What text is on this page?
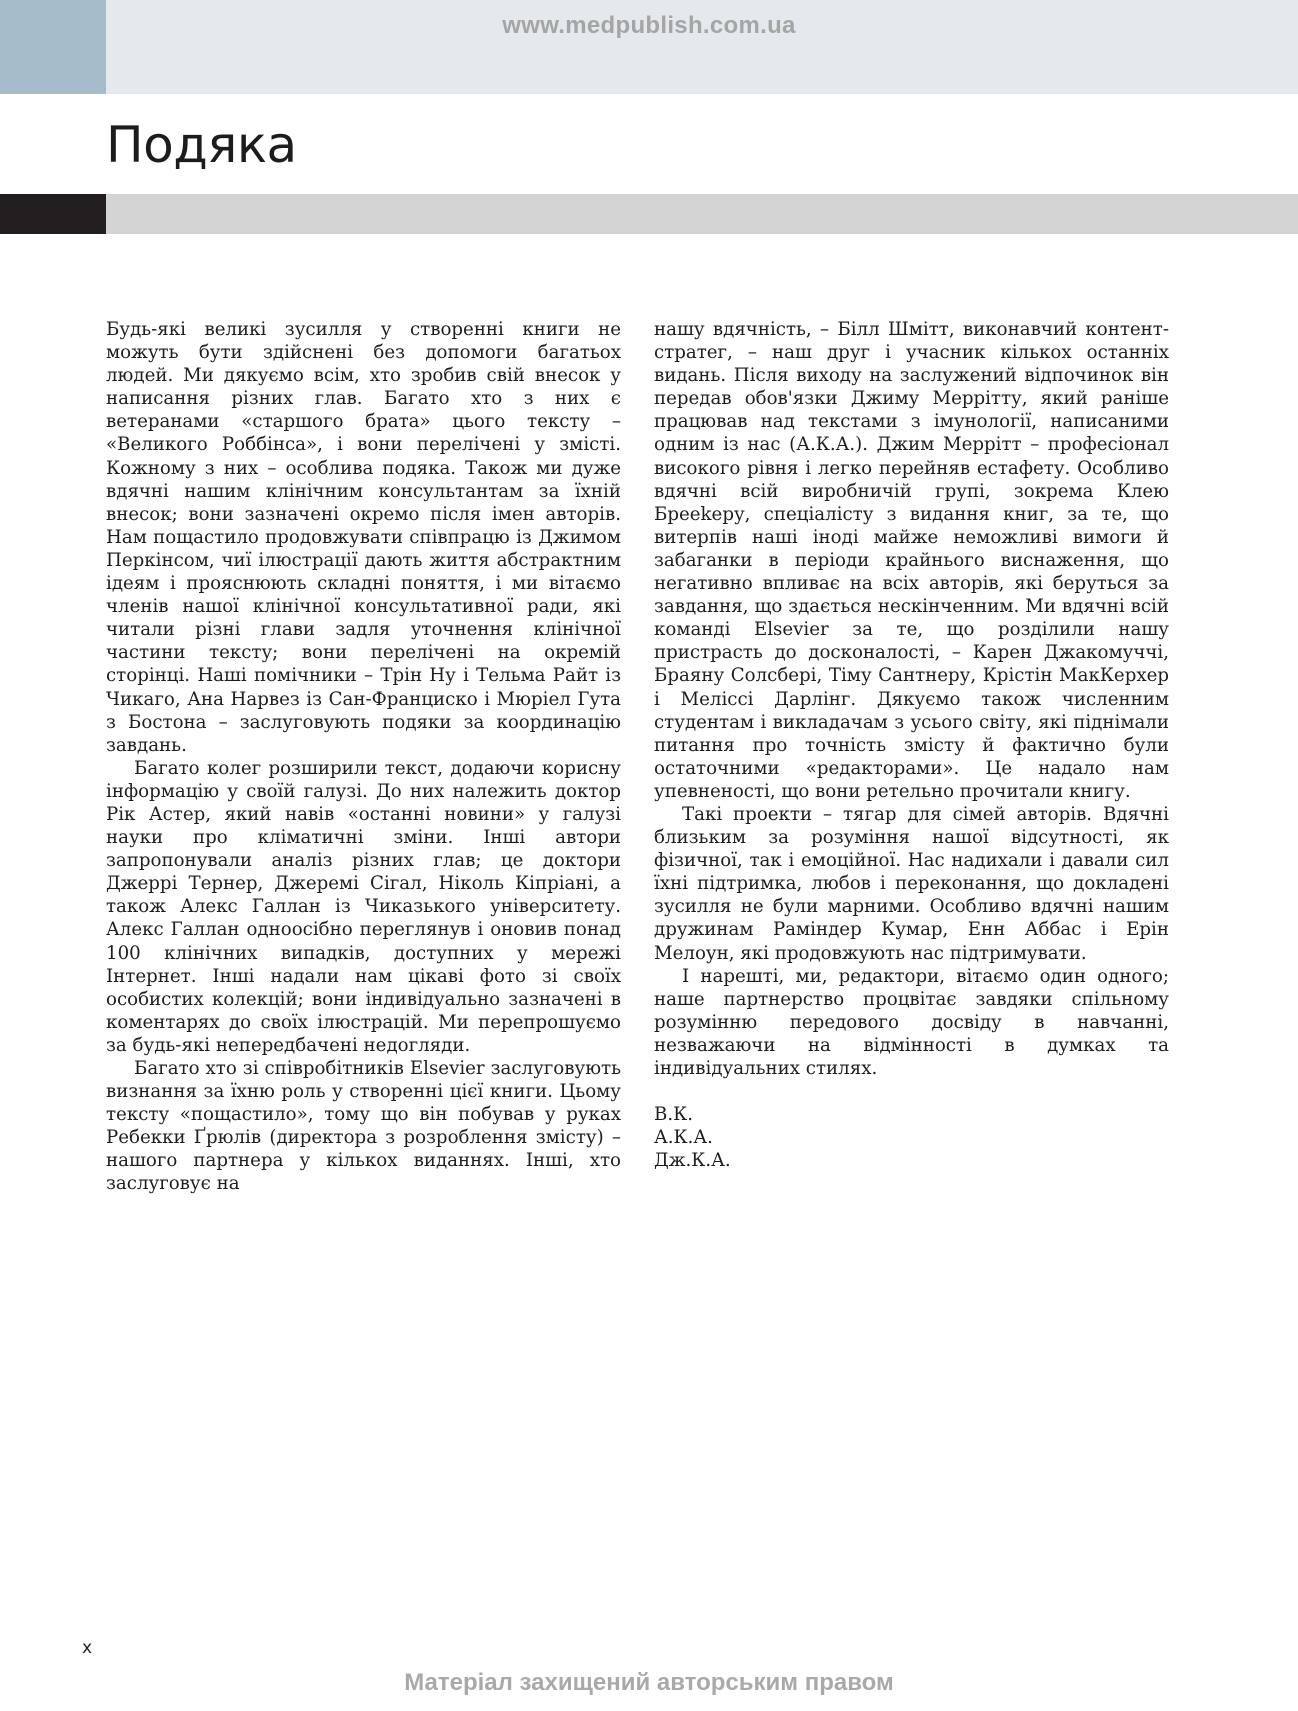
www.medpublish.com.ua
Подяка

Будь-які великі зусилля у створенні книги не можуть бути здійснені без допомоги багатьох людей. Ми дякуємо всім, хто зробив свій внесок у написання різних глав. Багато хто з них є ветеранами «старшого брата» цього тексту – «Великого Роббінса», і вони перелічені у змісті. Кожному з них – особлива подяка. Також ми дуже вдячні нашим клінічним консультантам за їхній внесок; вони зазначені окремо після імен авторів. Нам пощастило продовжувати співпрацю із Джимом Перкінсом, чиї ілюстрації дають життя абстрактним ідеям і прояснюють складні поняття, і ми вітаємо членів нашої клінічної консультативної ради, які читали різні глави задля уточнення клінічної частини тексту; вони перелічені на окремій сторінці. Наші помічники – Трін Ну і Тельма Райт із Чикаго, Ана Нарвез із Сан-Франциско і Мюріел Гута з Бостона – заслуговують подяки за координацію завдань.

Багато колег розширили текст, додаючи корисну інформацію у своїй галузі. До них належить доктор Рік Астер, який навів «останні новини» у галузі науки про кліматичні зміни. Інші автори запропонували аналіз різних глав; це доктори Джеррі Тернер, Джеремі Сігал, Ніколь Кіпріані, а також Алекс Галлан із Чиказького університету. Алекс Галлан одноосібно переглянув і оновив понад 100 клінічних випадків, доступних у мережі Інтернет. Інші надали нам цікаві фото зі своїх особистих колекцій; вони індивідуально зазначені в коментарях до своїх ілюстрацій. Ми перепрошуємо за будь-які непередбачені недогляди.

Багато хто зі співробітників Elsevier заслуговують визнання за їхню роль у створенні цієї книги. Цьому тексту «пощастило», тому що він побував у руках Ребекки Ґрюлів (директора з розроблення змісту) – нашого партнера у кількох виданнях. Інші, хто заслуговує на

нашу вдячність, – Білл Шмітт, виконавчий контент-стратег, – наш друг і учасник кількох останніх видань. Після виходу на заслужений відпочинок він передав обов'язки Джиму Меррітту, який раніше працював над текстами з імунології, написаними одним із нас (А.К.А.). Джим Меррітт – професіонал високого рівня і легко перейняв естафету. Особливо вдячні всій виробничій групі, зокрема Клею Брееkеру, спеціалісту з видання книг, за те, що витерпів наші іноді майже неможливі вимоги й забаганки в періоди крайнього виснаження, що негативно впливає на всіх авторів, які беруться за завдання, що здається нескінченним. Ми вдячні всій команді Elsevier за те, що розділили нашу пристрасть до досконалості, – Карен Джакомуччі, Браяну Солсбері, Тіму Сантнеру, Крістін МакКерхер і Мелісcі Дарлінг. Дякуємо також численним студентам і викладачам з усього світу, які піднімали питання про точність змісту й фактично були остаточними «редакторами». Це надало нам упевненості, що вони ретельно прочитали книгу.

Такі проекти – тягар для сімей авторів. Вдячні близьким за розуміння нашої відсутності, як фізичної, так і емоційної. Нас надихали і давали сил їхні підтримка, любов і переконання, що докладені зусилля не були марними. Особливо вдячні нашим дружинам Раміндер Кумар, Енн Аббас і Ерін Мелоун, які продовжують нас підтримувати.

І нарешті, ми, редактори, вітаємо один одного; наше партнерство процвітає завдяки спільному розумінню передового досвіду в навчанні, незважаючи на відмінності в думках та індивідуальних стилях.

В.К.
А.К.А.
Дж.К.А.
x
Матеріал захищений авторським правом
